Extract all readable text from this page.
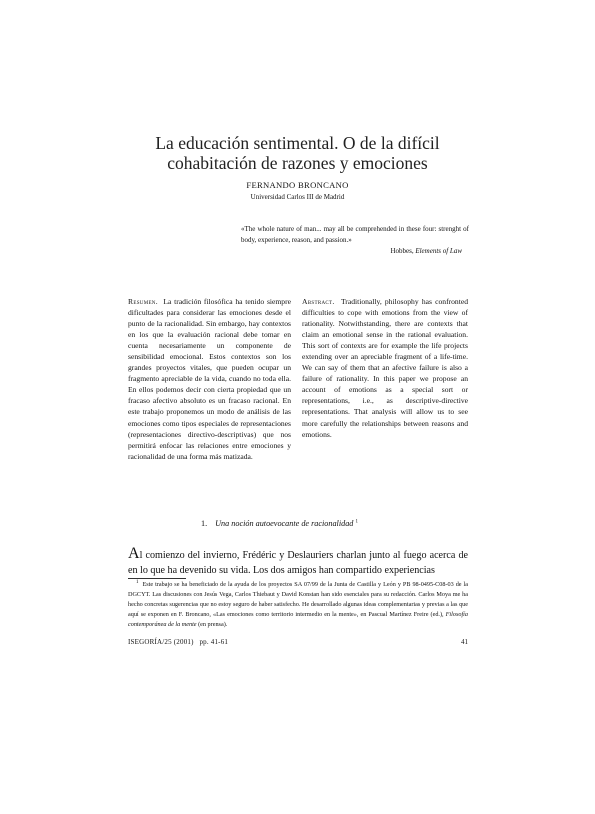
La educación sentimental. O de la difícil
cohabitación de razones y emociones
FERNANDO BRONCANO
Universidad Carlos III de Madrid
«The whole nature of man... may all be comprehended in these four: strenght of body, experience, reason, and passion.»
Hobbes, Elements of Law

Resumen. La tradición filosófica ha tenido siempre dificultades para considerar las emociones desde el punto de la racionalidad. Sin embargo, hay contextos en los que la evaluación racional debe tomar en cuenta necesariamente un componente de sensibilidad emocional. Estos contextos son los grandes proyectos vitales, que pueden ocupar un fragmento apreciable de la vida, cuando no toda ella. En ellos podemos decir con cierta propiedad que un fracaso afectivo absoluto es un fracaso racional. En este trabajo proponemos un modo de análisis de las emociones como tipos especiales de representaciones (representaciones directivo-descriptivas) que nos permitirá enfocar las relaciones entre emociones y racionalidad de una forma más matizada.

Abstract. Traditionally, philosophy has confronted difficulties to cope with emotions from the view of rationality. Notwithstanding, there are contexts that claim an emotional sense in the rational evaluation. This sort of contexts are for example the life projects extending over an apreciable fragment of a life-time. We can say of them that an afective failure is also a failure of rationality. In this paper we propose an account of emotions as a special sort or representations, i.e., as descriptive-directive representations. That analysis will allow us to see more carefully the relationships between reasons and emotions.

1. Una noción autoevocante de racionalidad $^1$

Al comienzo del invierno, Frédéric y Deslauriers charlan junto al fuego acerca de en lo que ha devenido su vida. Los dos amigos han compartido experiencias

$^1$ Este trabajo se ha beneficiado de la ayuda de los proyectos SA 07/99 de la Junta de Castilla y León y PB 98-0495-C08-03 de la DGCYT. Las discusiones con Jesús Vega, Carlos Thiebaut y David Konstan han sido esenciales para su redacción. Carlos Moya me ha hecho concretas sugerencias que no estoy seguro de haber satisfecho. He desarrollado algunas ideas complementarias y previas a las que aquí se exponen en F. Broncano, «Las emociones como territorio intermedio en la mente», en Pascual Martínez Freire (ed.), Filosofía contemporánea de la mente (en prensa).

ISEGORÍA/25 (2001)   pp. 41-61	41
